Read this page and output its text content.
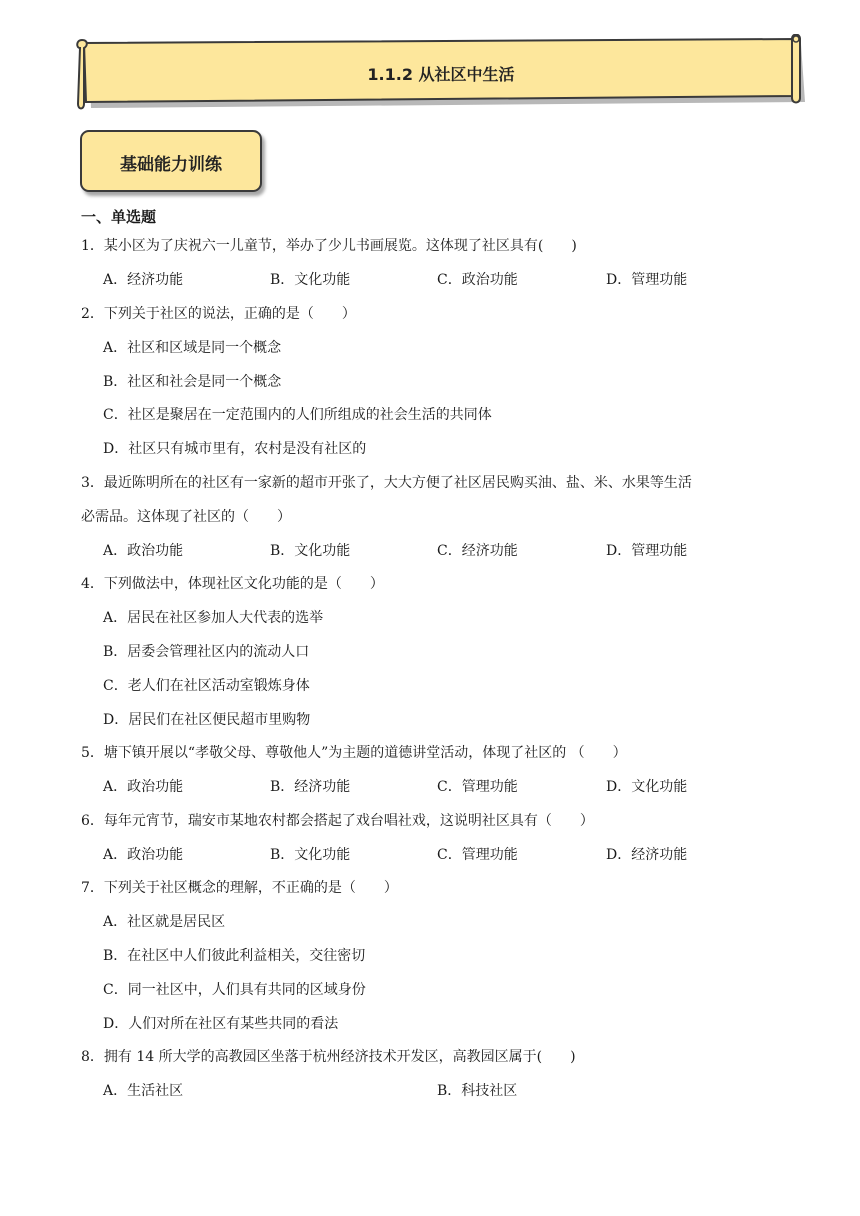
1.1.2 从社区中生活
基础能力训练
一、单选题
1．某小区为了庆祝六一儿童节，举办了少儿书画展览。这体现了社区具有(　　)
A．经济功能	B．文化功能	C．政治功能	D．管理功能
2．下列关于社区的说法，正确的是（　　）
A．社区和区域是同一个概念
B．社区和社会是同一个概念
C．社区是聚居在一定范围内的人们所组成的社会生活的共同体
D．社区只有城市里有，农村是没有社区的
3．最近陈明所在的社区有一家新的超市开张了，大大方便了社区居民购买油、盐、米、水果等生活
必需品。这体现了社区的（　　）
A．政治功能	B．文化功能	C．经济功能	D．管理功能
4．下列做法中，体现社区文化功能的是（　　）
A．居民在社区参加人大代表的选举
B．居委会管理社区内的流动人口
C．老人们在社区活动室锻炼身体
D．居民们在社区便民超市里购物
5．塘下镇开展以“孝敬父母、尊敬他人”为主题的道德讲堂活动，体现了社区的 （　　）
A．政治功能	B．经济功能	C．管理功能	D．文化功能
6．每年元宵节，瑞安市某地农村都会搭起了戏台唱社戏，这说明社区具有（　　）
A．政治功能	B．文化功能	C．管理功能	D．经济功能
7．下列关于社区概念的理解，不正确的是（　　）
A．社区就是居民区
B．在社区中人们彼此利益相关，交往密切
C．同一社区中，人们具有共同的区域身份
D．人们对所在社区有某些共同的看法
8．拥有 14 所大学的高教园区坐落于杭州经济技术开发区，高教园区属于(　　)
A．生活社区	B．科技社区
